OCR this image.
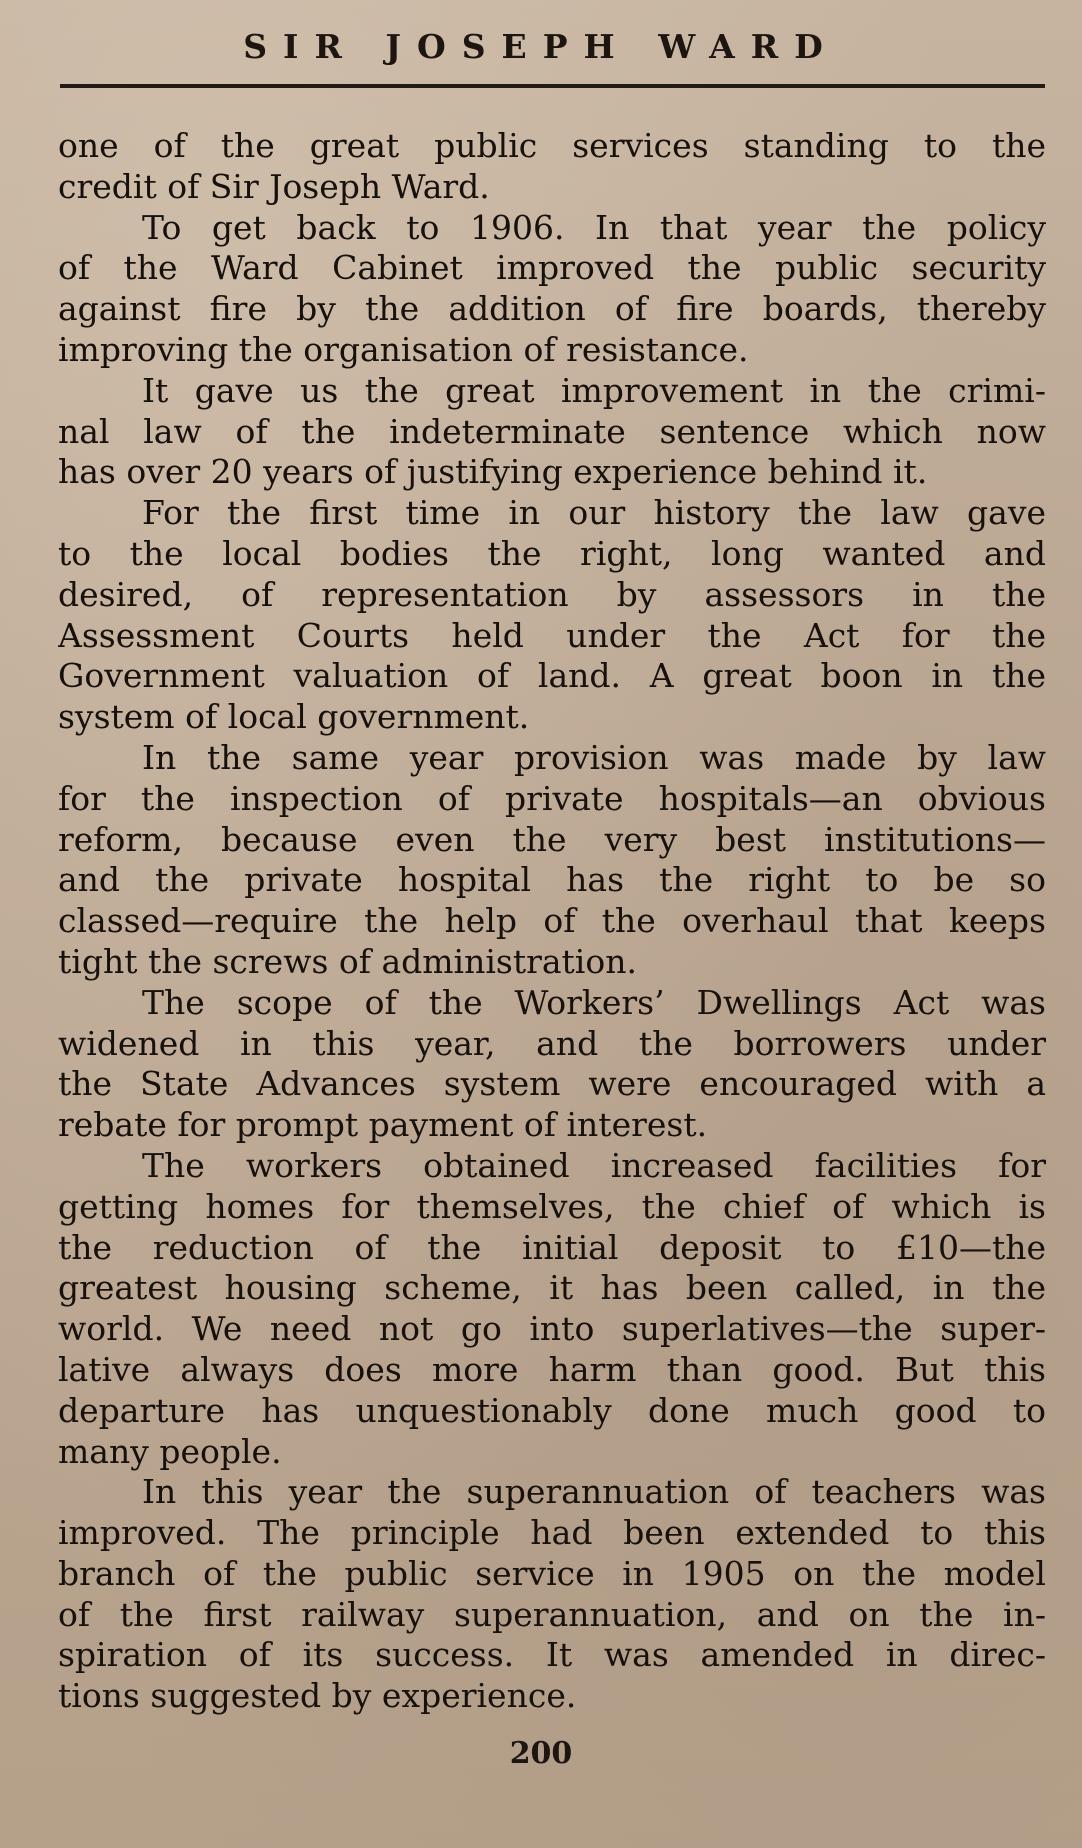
SIR JOSEPH WARD
one of the great public services standing to the
credit of Sir Joseph Ward.
To get back to 1906. In that year the policy
of the Ward Cabinet improved the public security
against fire by the addition of fire boards, thereby
improving the organisation of resistance.
It gave us the great improvement in the crimi-
nal law of the indeterminate sentence which now
has over 20 years of justifying experience behind it.
For the first time in our history the law gave
to the local bodies the right, long wanted and
desired, of representation by assessors in the
Assessment Courts held under the Act for the
Government valuation of land. A great boon in the
system of local government.
In the same year provision was made by law
for the inspection of private hospitals—an obvious
reform, because even the very best institutions—
and the private hospital has the right to be so
classed—require the help of the overhaul that keeps
tight the screws of administration.
The scope of the Workers’ Dwellings Act was
widened in this year, and the borrowers under
the State Advances system were encouraged with a
rebate for prompt payment of interest.
The workers obtained increased facilities for
getting homes for themselves, the chief of which is
the reduction of the initial deposit to £10—the
greatest housing scheme, it has been called, in the
world. We need not go into superlatives—the super-
lative always does more harm than good. But this
departure has unquestionably done much good to
many people.
In this year the superannuation of teachers was
improved. The principle had been extended to this
branch of the public service in 1905 on the model
of the first railway superannuation, and on the in-
spiration of its success. It was amended in direc-
tions suggested by experience.
200
